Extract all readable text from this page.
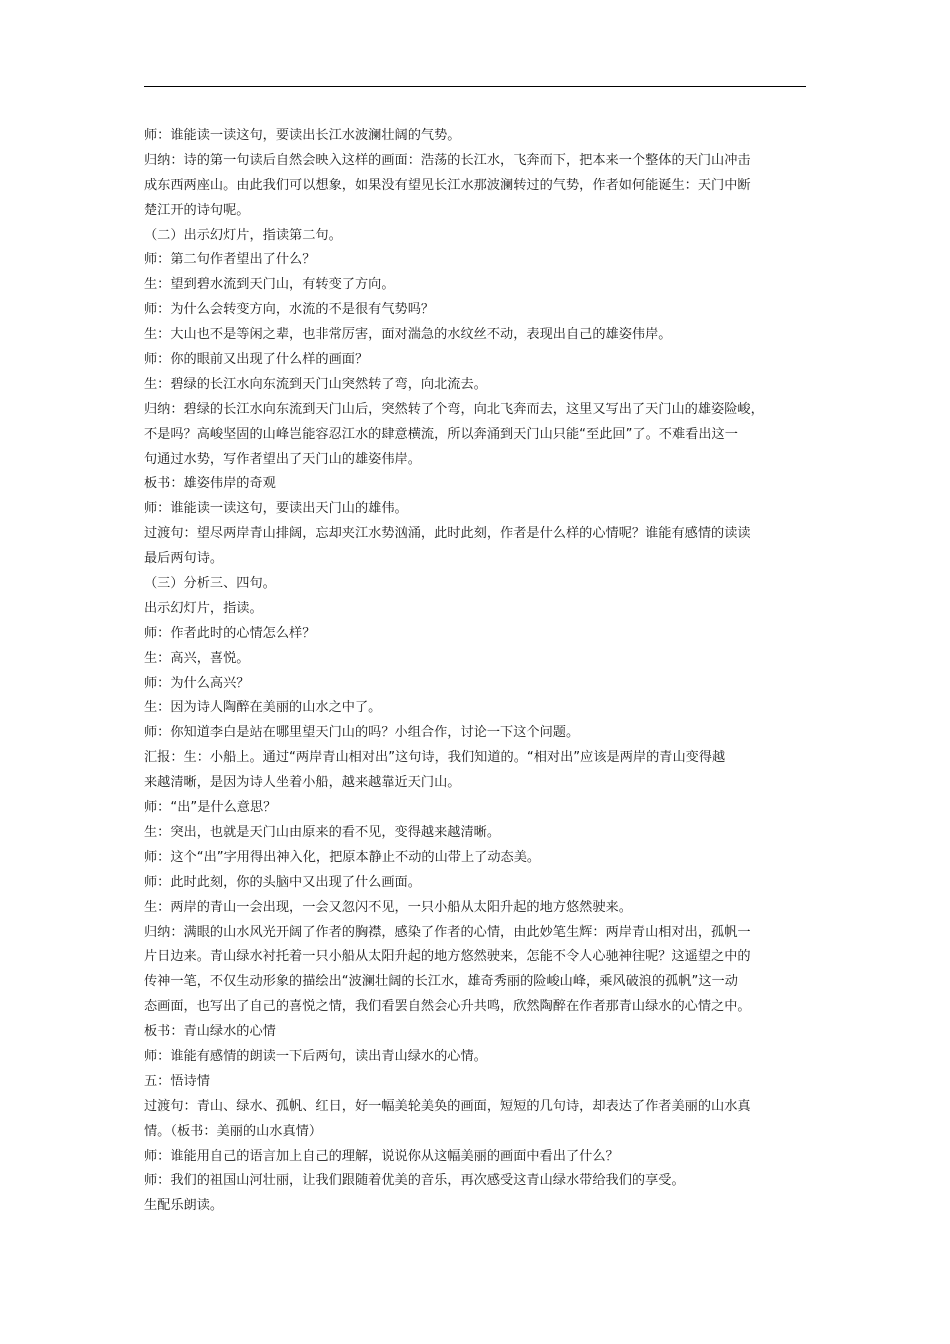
师：谁能读一读这句，要读出长江水波澜壮阔的气势。
归纳：诗的第一句读后自然会映入这样的画面：浩荡的长江水，飞奔而下，把本来一个整体的天门山冲击
成东西两座山。由此我们可以想象，如果没有望见长江水那波澜转过的气势，作者如何能诞生：天门中断
楚江开的诗句呢。
（二）出示幻灯片，指读第二句。
师：第二句作者望出了什么？
生：望到碧水流到天门山，有转变了方向。
师：为什么会转变方向，水流的不是很有气势吗？
生：大山也不是等闲之辈，也非常厉害，面对湍急的水纹丝不动，表现出自己的雄姿伟岸。
师：你的眼前又出现了什么样的画面？
生：碧绿的长江水向东流到天门山突然转了弯，向北流去。
归纳：碧绿的长江水向东流到天门山后，突然转了个弯，向北飞奔而去，这里又写出了天门山的雄姿险峻，
不是吗？高峻坚固的山峰岂能容忍江水的肆意横流，所以奔涌到天门山只能“至此回”了。不难看出这一
句通过水势，写作者望出了天门山的雄姿伟岸。
板书：雄姿伟岸的奇观
师：谁能读一读这句，要读出天门山的雄伟。
过渡句：望尽两岸青山排阔，忘却夹江水势汹涌，此时此刻，作者是什么样的心情呢？谁能有感情的读读
最后两句诗。
（三）分析三、四句。
出示幻灯片，指读。
师：作者此时的心情怎么样？
生：高兴，喜悦。
师：为什么高兴？
生：因为诗人陶醉在美丽的山水之中了。
师：你知道李白是站在哪里望天门山的吗？小组合作，讨论一下这个问题。
汇报：生：小船上。通过“两岸青山相对出”这句诗，我们知道的。“相对出”应该是两岸的青山变得越
来越清晰，是因为诗人坐着小船，越来越靠近天门山。
师：“出”是什么意思？
生：突出，也就是天门山由原来的看不见，变得越来越清晰。
师：这个“出”字用得出神入化，把原本静止不动的山带上了动态美。
师：此时此刻，你的头脑中又出现了什么画面。
生：两岸的青山一会出现，一会又忽闪不见，一只小船从太阳升起的地方悠然驶来。
归纳：满眼的山水风光开阔了作者的胸襟，感染了作者的心情，由此妙笔生辉：两岸青山相对出，孤帆一
片日边来。青山绿水衬托着一只小船从太阳升起的地方悠然驶来，怎能不令人心驰神往呢？这遥望之中的
传神一笔，不仅生动形象的描绘出“波澜壮阔的长江水，雄奇秀丽的险峻山峰，乘风破浪的孤帆”这一动
态画面，也写出了自己的喜悦之情，我们看罢自然会心升共鸣，欣然陶醉在作者那青山绿水的心情之中。
板书：青山绿水的心情
师：谁能有感情的朗读一下后两句，读出青山绿水的心情。
五：悟诗情
过渡句：青山、绿水、孤帆、红日，好一幅美轮美奂的画面，短短的几句诗，却表达了作者美丽的山水真
情。（板书：美丽的山水真情）
师：谁能用自己的语言加上自己的理解，说说你从这幅美丽的画面中看出了什么？
师：我们的祖国山河壮丽，让我们跟随着优美的音乐，再次感受这青山绿水带给我们的享受。
生配乐朗读。
